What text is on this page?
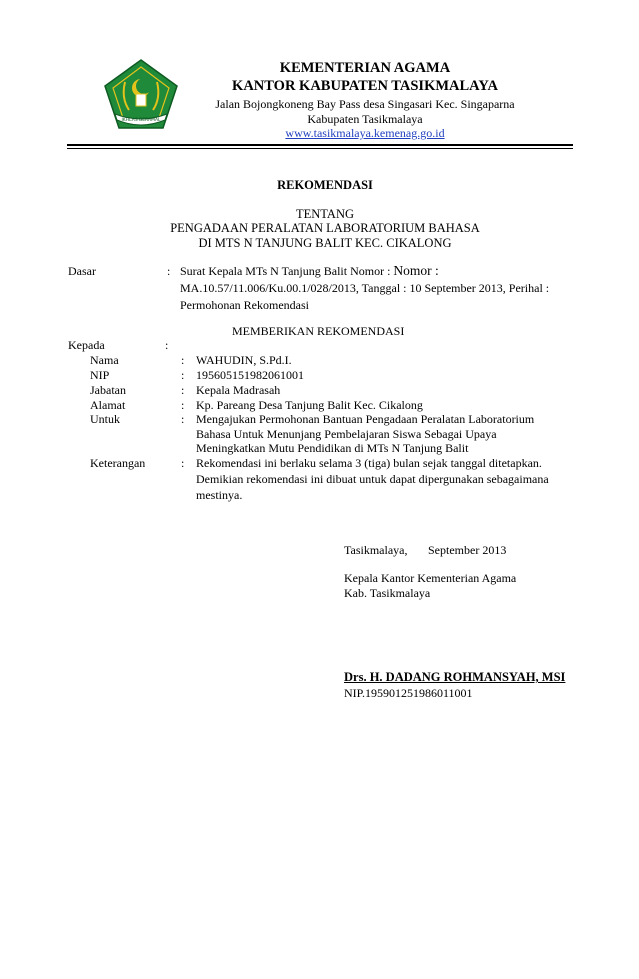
IKHLAS BERAMAL
KEMENTERIAN AGAMA
KANTOR KABUPATEN TASIKMALAYA
Jalan Bojongkoneng Bay Pass desa Singasari Kec. Singaparna
Kabupaten Tasikmalaya
www.tasikmalaya.kemenag.go.id
REKOMENDASI
TENTANG
PENGADAAN PERALATAN LABORATORIUM BAHASA
DI MTS N TANJUNG BALIT KEC. CIKALONG
Dasar	: Surat Kepala MTs N Tanjung Balit Nomor : Nomor :
MA.10.57/11.006/Ku.00.1/028/2013, Tanggal : 10 September 2013, Perihal :
Permohonan Rekomendasi
MEMBERIKAN REKOMENDASI
Kepada	:
Nama	: WAHUDIN, S.Pd.I.
NIP	: 195605151982061001
Jabatan	: Kepala Madrasah
Alamat	: Kp. Pareang Desa Tanjung Balit Kec. Cikalong
Untuk	: Mengajukan Permohonan Bantuan Pengadaan Peralatan Laboratorium
Bahasa Untuk Menunjang Pembelajaran Siswa Sebagai Upaya
Meningkatkan Mutu Pendidikan di MTs N Tanjung Balit
Keterangan	: Rekomendasi ini berlaku selama 3 (tiga) bulan sejak tanggal ditetapkan.
Demikian rekomendasi ini dibuat untuk dapat dipergunakan sebagaimana
mestinya.
Tasikmalaya, September 2013
Kepala Kantor Kementerian Agama
Kab. Tasikmalaya
Drs. H. DADANG ROHMANSYAH, MSI
NIP.195901251986011001
